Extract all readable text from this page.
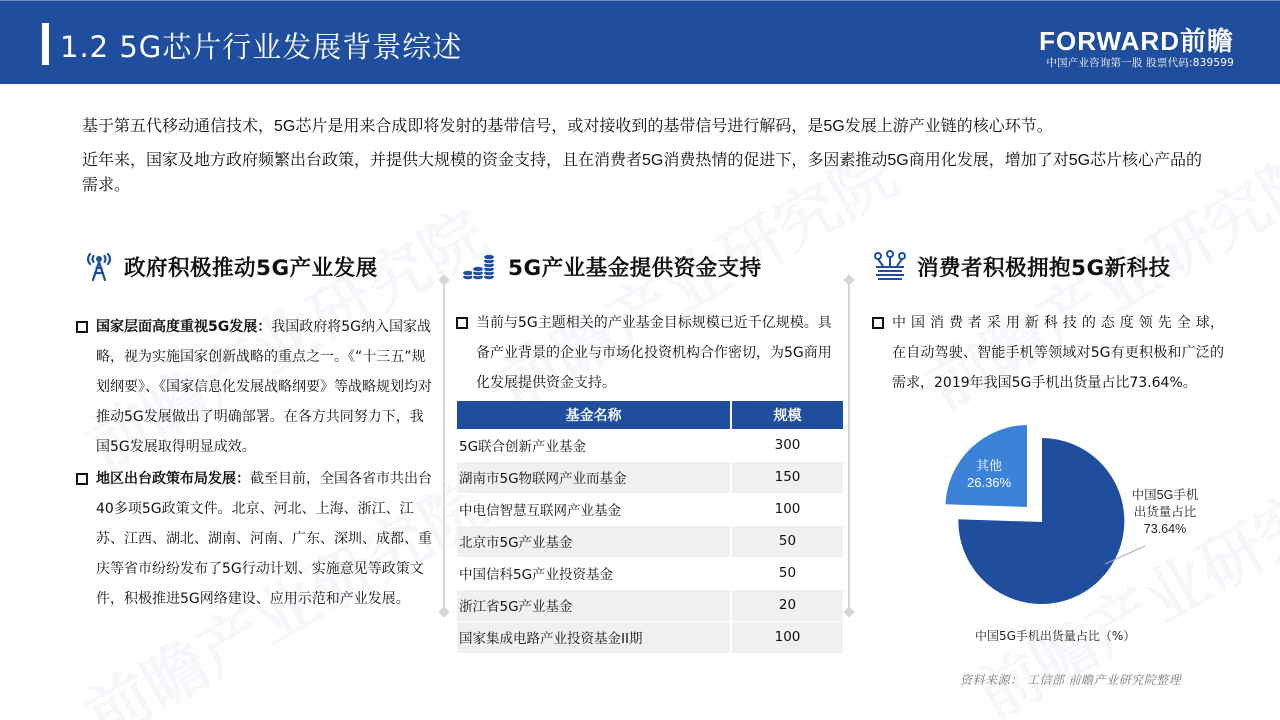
1.2 5G芯片行业发展背景综述	FORWARD前瞻
中国产业咨询第一股 股票代码:839599

基于第五代移动通信技术，5G芯片是用来合成即将发射的基带信号，或对接收到的基带信号进行解码，是5G发展上游产业链的核心环节。

近年来，国家及地方政府频繁出台政策，并提供大规模的资金支持，且在消费者5G消费热情的促进下，多因素推动5G商用化发展，增加了对5G芯片核心产品的需求。

政府积极推动5G产业发展	5G产业基金提供资金支持	消费者积极拥抱5G新科技
国家层面高度重视5G发展：我国政府将5G纳入国家战略，视为实施国家创新战略的重点之一。《“十三五”规划纲要》、《国家信息化发展战略纲要》等战略规划均对推动5G发展做出了明确部署。在各方共同努力下，我国5G发展取得明显成效。
地区出台政策布局发展：截至目前，全国各省市共出台40多项5G政策文件。北京、河北、上海、浙江、江苏、江西、湖北、湖南、河南、广东、深圳、成都、重庆等省市纷纷发布了5G行动计划、实施意见等政策文件，积极推进5G网络建设、应用示范和产业发展。
当前与5G主题相关的产业基金目标规模已近千亿规模。具备产业背景的企业与市场化投资机构合作密切，为5G商用化发展提供资金支持。
基金名称	规模
5G联合创新产业基金	300
湖南市5G物联网产业而基金	150
中电信智慧互联网产业基金	100
北京市5G产业基金	50
中国信科5G产业投资基金	50
浙江省5G产业基金	20
国家集成电路产业投资基金II期	100
中 国 消 费 者 采 用 新 科 技 的 态 度 领 先 全 球，在自动驾驶、智能手机等领域对5G有更积极和广泛的需求，2019年我国5G手机出货量占比73.64%。
其他
26.36%
中国5G手机出货量占比
73.64%
中国5G手机出货量占比（%）
资料来源： 工信部 前瞻产业研究院整理
